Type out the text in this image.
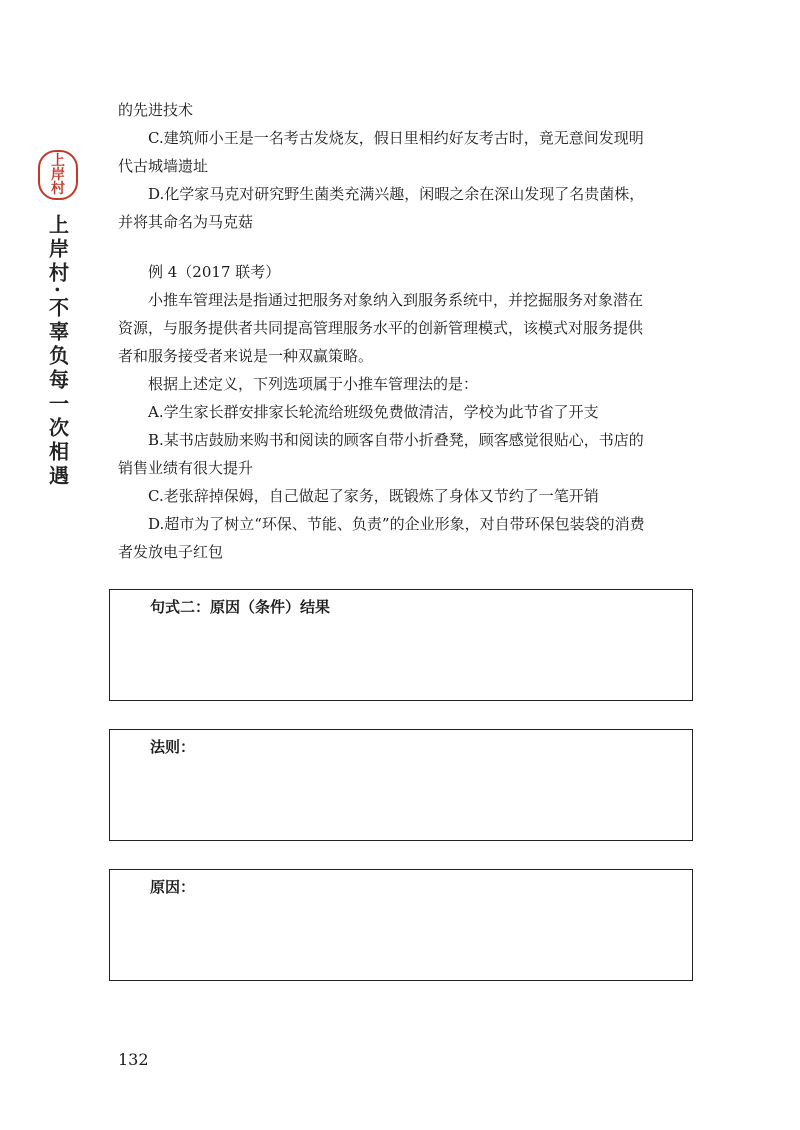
上
岸
村
上岸村·不辜负每一次相遇

的先进技术

C.建筑师小王是一名考古发烧友，假日里相约好友考古时，竟无意间发现明

代古城墙遗址

D.化学家马克对研究野生菌类充满兴趣，闲暇之余在深山发现了名贵菌株，

并将其命名为马克菇

例 4（2017 联考）

小推车管理法是指通过把服务对象纳入到服务系统中，并挖掘服务对象潜在

资源，与服务提供者共同提高管理服务水平的创新管理模式，该模式对服务提供

者和服务接受者来说是一种双赢策略。

根据上述定义，下列选项属于小推车管理法的是：

A.学生家长群安排家长轮流给班级免费做清洁，学校为此节省了开支

B.某书店鼓励来购书和阅读的顾客自带小折叠凳，顾客感觉很贴心，书店的

销售业绩有很大提升

C.老张辞掉保姆，自己做起了家务，既锻炼了身体又节约了一笔开销

D.超市为了树立“环保、节能、负责”的企业形象，对自带环保包装袋的消费

者发放电子红包

句式二：原因（条件）结果
法则：
原因：
132
